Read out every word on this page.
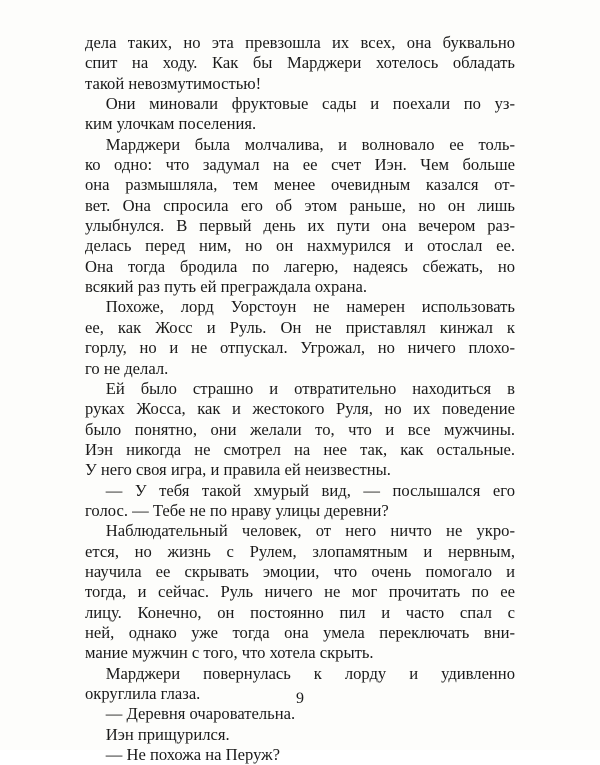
дела таких, но эта превзошла их всех, она буквально
спит на ходу. Как бы Марджери хотелось обладать
такой невозмутимостью!
Они миновали фруктовые сады и поехали по уз-
ким улочкам поселения.
Марджери была молчалива, и волновало ее толь-
ко одно: что задумал на ее счет Иэн. Чем больше
она размышляла, тем менее очевидным казался от-
вет. Она спросила его об этом раньше, но он лишь
улыбнулся. В первый день их пути она вечером раз-
делась перед ним, но он нахмурился и отослал ее.
Она тогда бродила по лагерю, надеясь сбежать, но
всякий раз путь ей преграждала охрана.
Похоже, лорд Уорстоун не намерен использовать
ее, как Жосс и Руль. Он не приставлял кинжал к
горлу, но и не отпускал. Угрожал, но ничего плохо-
го не делал.
Ей было страшно и отвратительно находиться в
руках Жосса, как и жестокого Руля, но их поведение
было понятно, они желали то, что и все мужчины.
Иэн никогда не смотрел на нее так, как остальные.
У него своя игра, и правила ей неизвестны.
— У тебя такой хмурый вид, — послышался его
голос. — Тебе не по нраву улицы деревни?
Наблюдательный человек, от него ничто не укро-
ется, но жизнь с Рулем, злопамятным и нервным,
научила ее скрывать эмоции, что очень помогало и
тогда, и сейчас. Руль ничего не мог прочитать по ее
лицу. Конечно, он постоянно пил и часто спал с
ней, однако уже тогда она умела переключать вни-
мание мужчин с того, что хотела скрыть.
Марджери повернулась к лорду и удивленно
округлила глаза.
— Деревня очаровательна.
Иэн прищурился.
— Не похожа на Перуж?
9
